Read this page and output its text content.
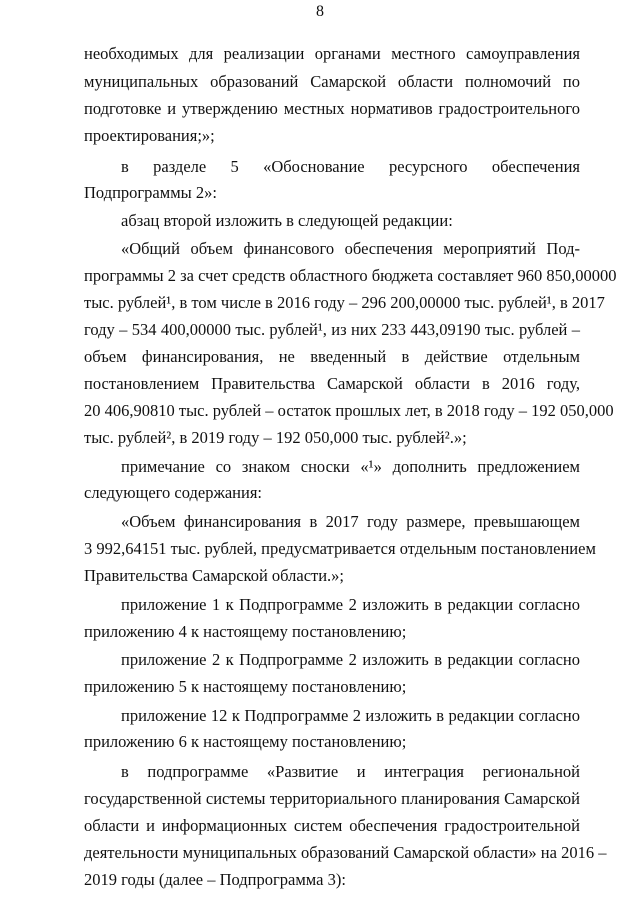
8
необходимых для реализации органами местного самоуправления
муниципальных образований Самарской области полномочий по
подготовке и утверждению местных нормативов градостроительного
проектирования;»;
в разделе 5 «Обоснование ресурсного обеспечения
Подпрограммы 2»:
абзац второй изложить в следующей редакции:
«Общий объем финансового обеспечения мероприятий Под-
программы 2 за счет средств областного бюджета составляет 960 850,00000
тыс. рублей¹, в том числе в 2016 году – 296 200,00000 тыс. рублей¹, в 2017
году – 534 400,00000 тыс. рублей¹, из них 233 443,09190 тыс. рублей –
объем финансирования, не введенный в действие отдельным
постановлением Правительства Самарской области в 2016 году,
20 406,90810 тыс. рублей – остаток прошлых лет, в 2018 году – 192 050,000
тыс. рублей², в 2019 году – 192 050,000 тыс. рублей².»;
примечание со знаком сноски «¹» дополнить предложением
следующего содержания:
«Объем финансирования в 2017 году размере, превышающем
3 992,64151 тыс. рублей, предусматривается отдельным постановлением
Правительства Самарской области.»;
приложение 1 к Подпрограмме 2 изложить в редакции согласно
приложению 4 к настоящему постановлению;
приложение 2 к Подпрограмме 2 изложить в редакции согласно
приложению 5 к настоящему постановлению;
приложение 12 к Подпрограмме 2 изложить в редакции согласно
приложению 6 к настоящему постановлению;
в подпрограмме «Развитие и интеграция региональной
государственной системы территориального планирования Самарской
области и информационных систем обеспечения градостроительной
деятельности муниципальных образований Самарской области» на 2016 –
2019 годы (далее – Подпрограмма 3):
